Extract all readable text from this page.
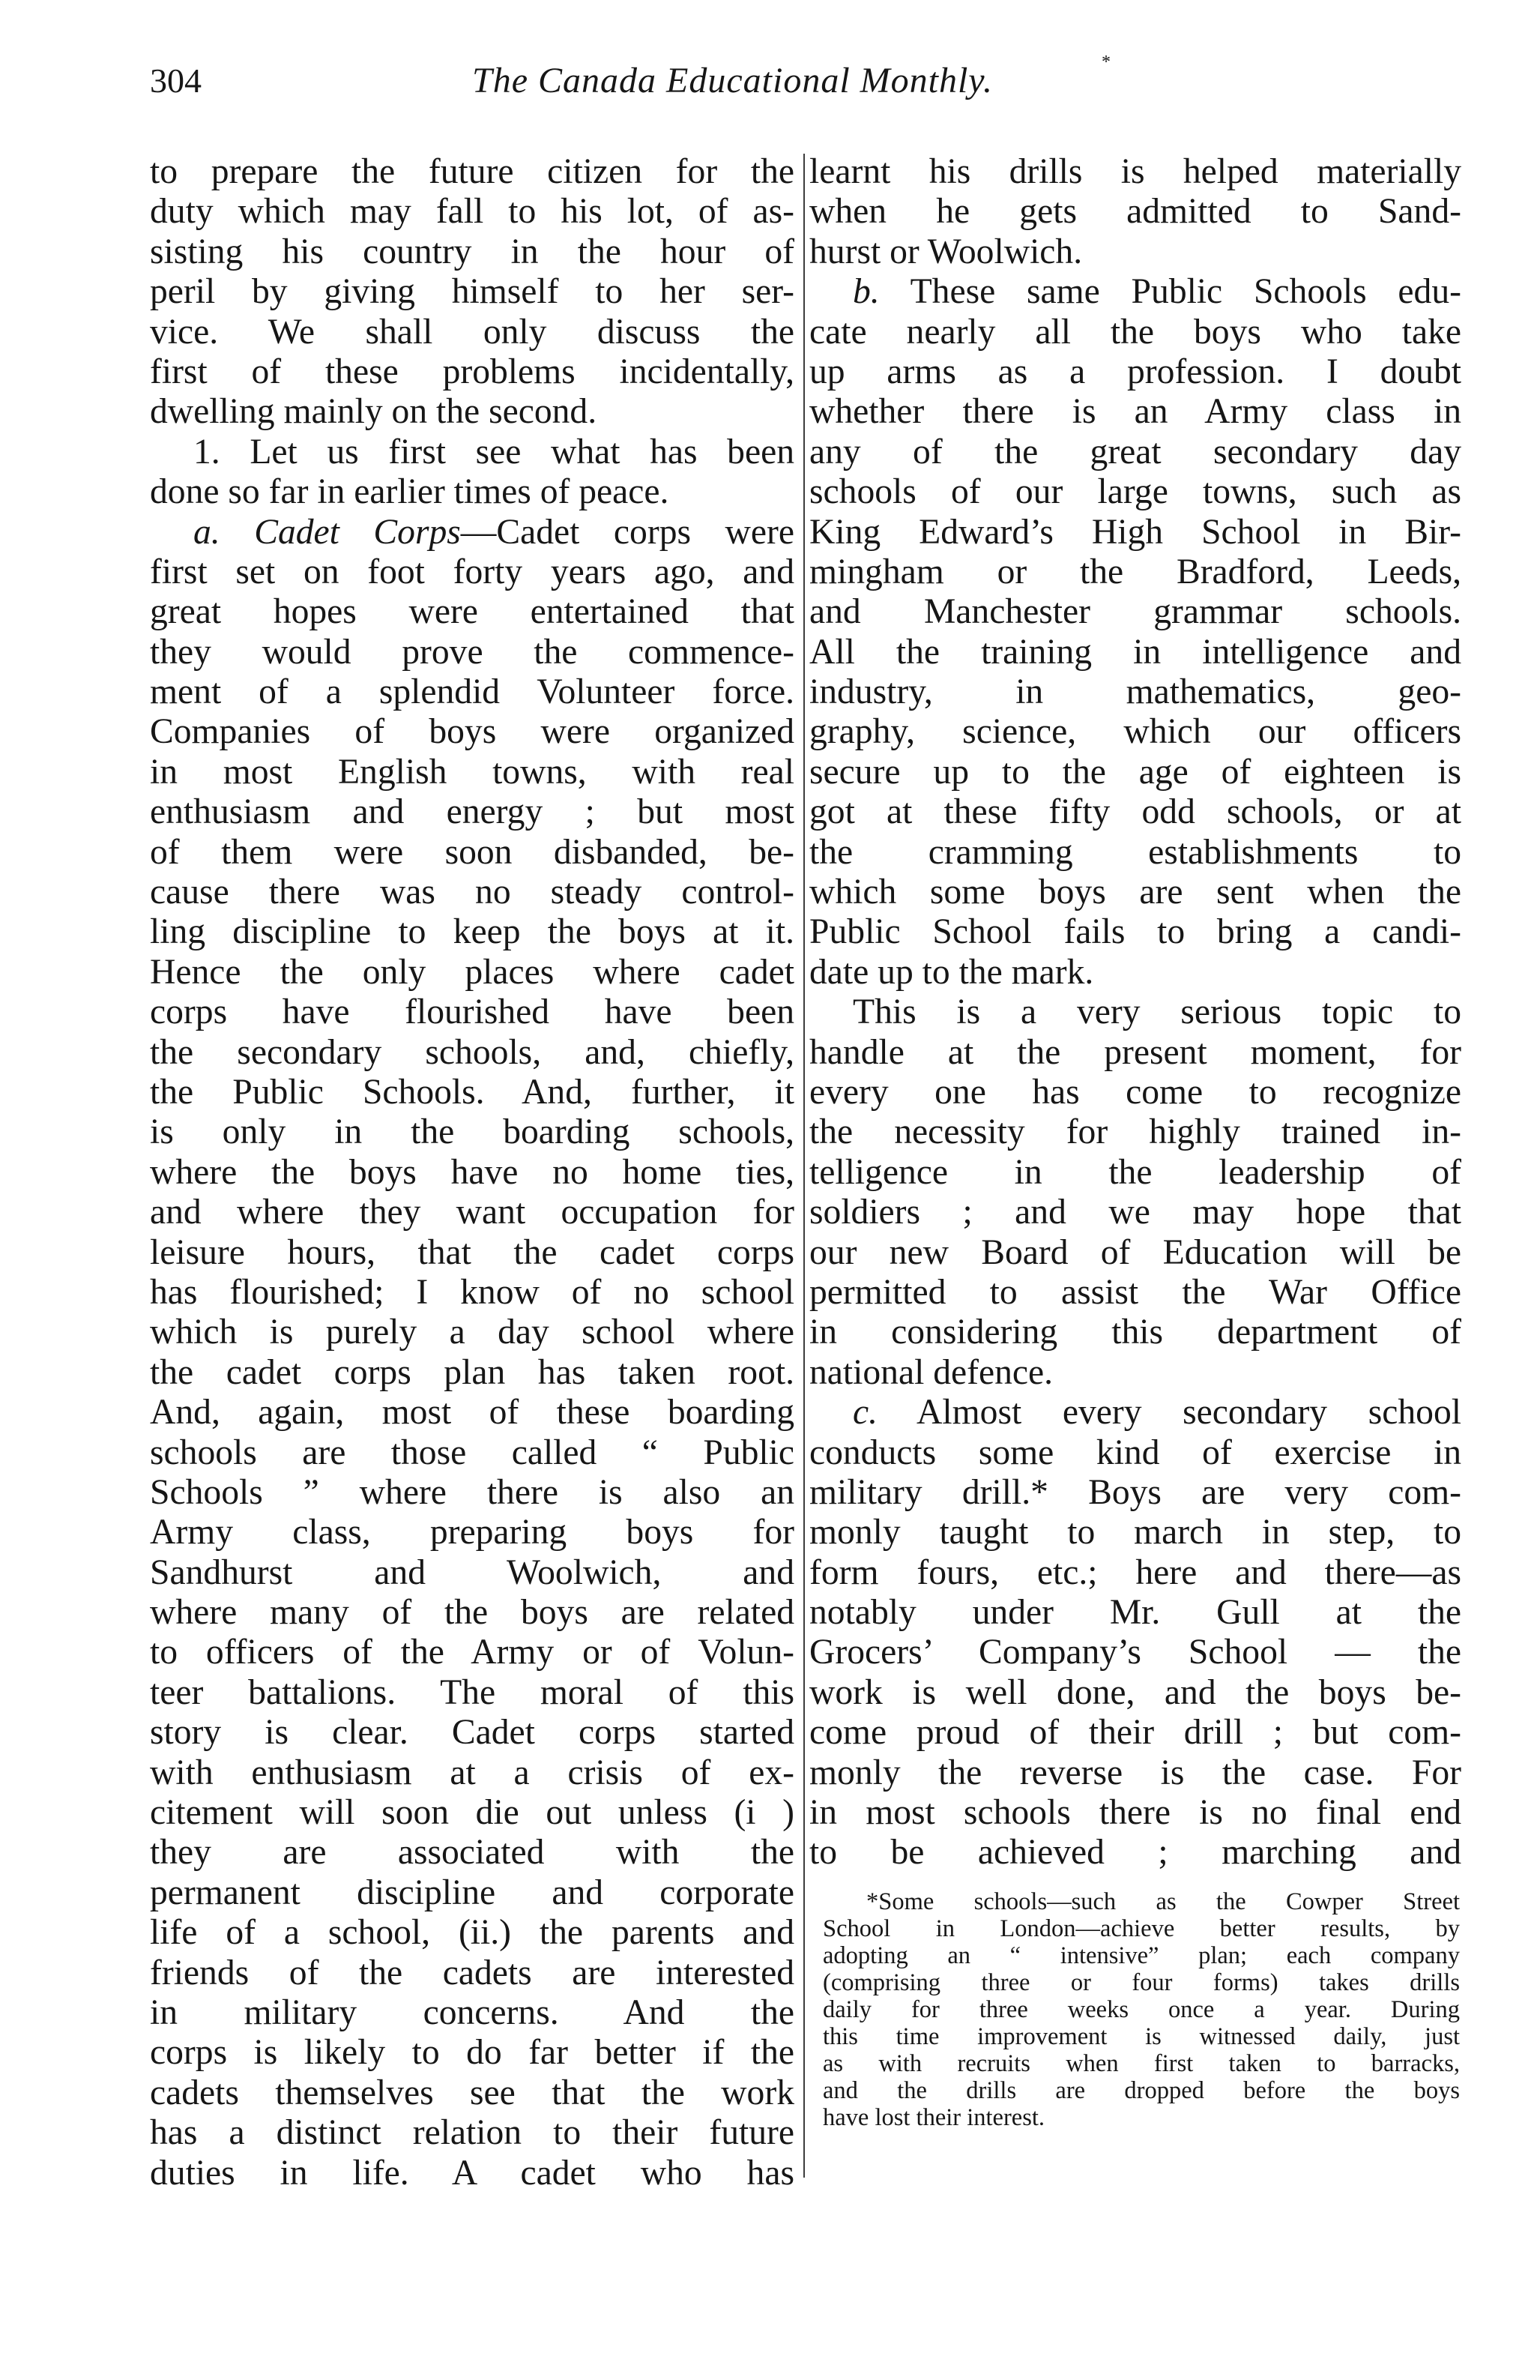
304	The Canada Educational Monthly.	*
to prepare the future citizen for the
duty which may fall to his lot, of as-
sisting his country in the hour of
peril by giving himself to her ser-
vice. We shall only discuss the
first of these problems incidentally,
dwelling mainly on the second.
1. Let us first see what has been
done so far in earlier times of peace.
a. Cadet Corps—Cadet corps were
first set on foot forty years ago, and
great hopes were entertained that
they would prove the commence-
ment of a splendid Volunteer force.
Companies of boys were organized
in most English towns, with real
enthusiasm and energy ; but most
of them were soon disbanded, be-
cause there was no steady control-
ling discipline to keep the boys at it.
Hence the only places where cadet
corps have flourished have been
the secondary schools, and, chiefly,
the Public Schools. And, further, it
is only in the boarding schools,
where the boys have no home ties,
and where they want occupation for
leisure hours, that the cadet corps
has flourished; I know of no school
which is purely a day school where
the cadet corps plan has taken root.
And, again, most of these boarding
schools are those called “ Public
Schools ” where there is also an
Army class, preparing boys for
Sandhurst and Woolwich, and
where many of the boys are related
to officers of the Army or of Volun-
teer battalions. The moral of this
story is clear. Cadet corps started
with enthusiasm at a crisis of ex-
citement will soon die out unless (i )
they are associated with the
permanent discipline and corporate
life of a school, (ii.) the parents and
friends of the cadets are interested
in military concerns. And the
corps is likely to do far better if the
cadets themselves see that the work
has a distinct relation to their future
duties in life. A cadet who has
learnt his drills is helped materially
when he gets admitted to Sand-
hurst or Woolwich.
b. These same Public Schools edu-
cate nearly all the boys who take
up arms as a profession. I doubt
whether there is an Army class in
any of the great secondary day
schools of our large towns, such as
King Edward’s High School in Bir-
mingham or the Bradford, Leeds,
and Manchester grammar schools.
All the training in intelligence and
industry, in mathematics, geo-
graphy, science, which our officers
secure up to the age of eighteen is
got at these fifty odd schools, or at
the cramming establishments to
which some boys are sent when the
Public School fails to bring a candi-
date up to the mark.
This is a very serious topic to
handle at the present moment, for
every one has come to recognize
the necessity for highly trained in-
telligence in the leadership of
soldiers ; and we may hope that
our new Board of Education will be
permitted to assist the War Office
in considering this department of
national defence.
c. Almost every secondary school
conducts some kind of exercise in
military drill.* Boys are very com-
monly taught to march in step, to
form fours, etc.; here and there—as
notably under Mr. Gull at the
Grocers’ Company’s School — the
work is well done, and the boys be-
come proud of their drill ; but com-
monly the reverse is the case. For
in most schools there is no final end
to be achieved ; marching and
*Some schools—such as the Cowper Street
School in London—achieve better results, by
adopting an “ intensive” plan; each company
(comprising three or four forms) takes drills
daily for three weeks once a year. During
this time improvement is witnessed daily, just
as with recruits when first taken to barracks,
and the drills are dropped before the boys
have lost their interest.
